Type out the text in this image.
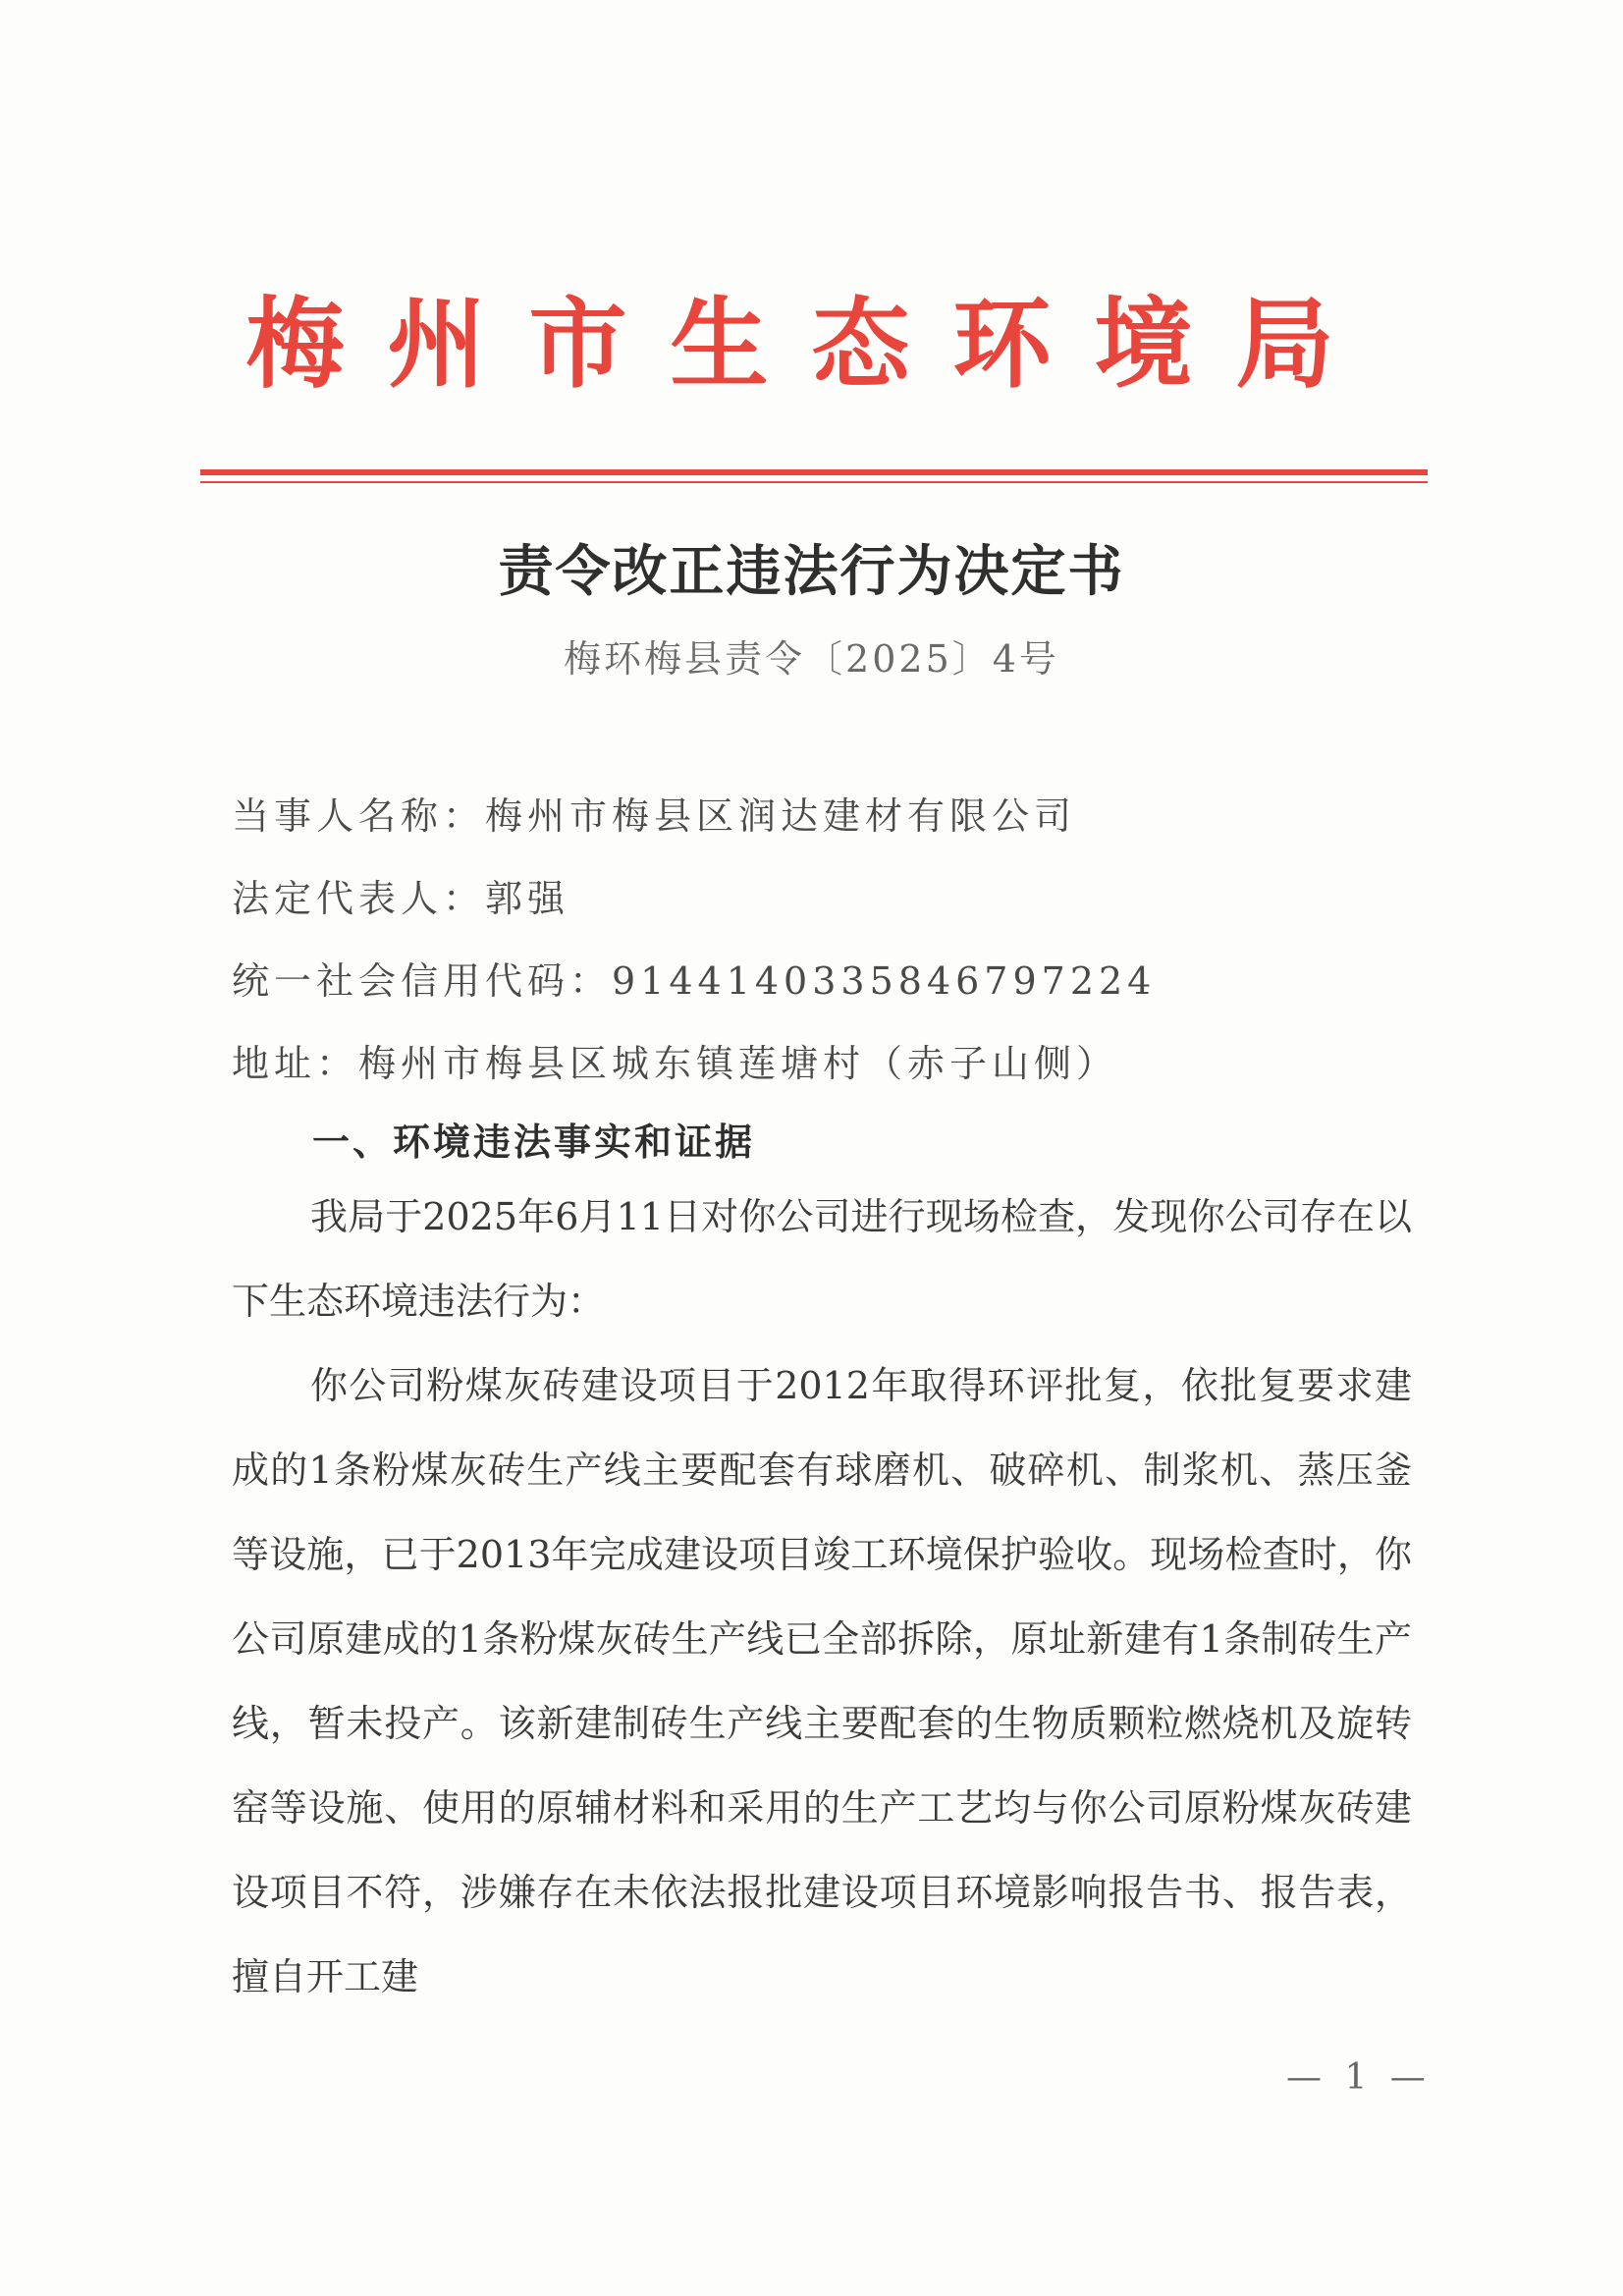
梅州市生态环境局
责令改正违法行为决定书
梅环梅县责令〔2025〕4号
当事人名称：梅州市梅县区润达建材有限公司
法定代表人：郭强
统一社会信用代码：91441403358467972​24
地址：梅州市梅县区城东镇莲塘村（赤子山侧）
一、环境违法事实和证据

我局于2025年6月11日对你公司进行现场检查，发现你公司存在以下生态环境违法行为：

你公司粉煤灰砖建设项目于2012年取得环评批复，依批复要求建成的1条粉煤灰砖生产线主要配套有球磨机、破碎机、制浆机、蒸压釜等设施，已于2013年完成建设项目竣工环境保护验收。现场检查时，你公司原建成的1条粉煤灰砖生产线已全部拆除，原址新建有1条制砖生产线，暂未投产。该新建制砖生产线主要配套的生物质颗粒燃烧机及旋转窑等设施、使用的原辅材料和采用的生产工艺均与你公司原粉煤灰砖建设项目不符，涉嫌存在未依法报批建设项目环境影响报告书、报告表，擅自开工建

— 1 —
